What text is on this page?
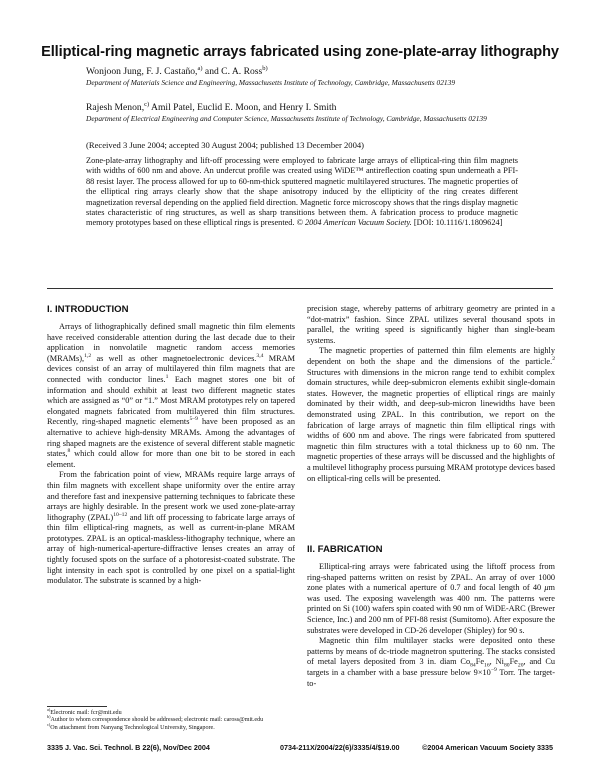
Elliptical-ring magnetic arrays fabricated using zone-plate-array lithography
Wonjoon Jung, F. J. Castaño,$^{a)}$ and C. A. Ross$^{b)}$
Department of Materials Science and Engineering, Massachusetts Institute of Technology, Cambridge, Massachusetts 02139
Rajesh Menon,$^{c)}$ Amil Patel, Euclid E. Moon, and Henry I. Smith
Department of Electrical Engineering and Computer Science, Massachusetts Institute of Technology, Cambridge, Massachusetts 02139
(Received 3 June 2004; accepted 30 August 2004; published 13 December 2004)
Zone-plate-array lithography and lift-off processing were employed to fabricate large arrays of elliptical-ring thin film magnets with widths of 600 nm and above. An undercut profile was created using WiDE™ antireflection coating spun underneath a PFI-88 resist layer. The process allowed for up to 60-nm-thick sputtered magnetic multilayered structures. The magnetic properties of the elliptical ring arrays clearly show that the shape anisotropy induced by the ellipticity of the ring creates different magnetization reversal depending on the applied field direction. Magnetic force microscopy shows that the rings display magnetic states characteristic of ring structures, as well as sharp transitions between them. A fabrication process to produce magnetic memory prototypes based on these elliptical rings is presented. © 2004 American Vacuum Society. [DOI: 10.1116/1.1809624]
I. INTRODUCTION

Arrays of lithographically defined small magnetic thin film elements have received considerable attention during the last decade due to their application in nonvolatile magnetic random access memories (MRAMs),$^{1,2}$ as well as other magnetoelectronic devices.$^{3,4}$ MRAM devices consist of an array of multilayered thin film magnets that are connected with conductor lines.$^1$ Each magnet stores one bit of information and should exhibit at least two different magnetic states which are assigned as “0” or “1.” Most MRAM prototypes rely on tapered elongated magnets fabricated from multilayered thin film structures. Recently, ring-shaped magnetic elements$^{5-9}$ have been proposed as an alternative to achieve high-density MRAMs. Among the advantages of ring shaped magnets are the existence of several different stable magnetic states,$^8$ which could allow for more than one bit to be stored in each element.

From the fabrication point of view, MRAMs require large arrays of thin film magnets with excellent shape uniformity over the entire array and therefore fast and inexpensive patterning techniques to fabricate these arrays are highly desirable. In the present work we used zone-plate-array lithography (ZPAL)$^{10-12}$ and lift off processing to fabricate large arrays of thin film elliptical-ring magnets, as well as current-in-plane MRAM prototypes. ZPAL is an optical-maskless-lithography technique, where an array of high-numerical-aperture-diffractive lenses creates an array of tightly focused spots on the surface of a photoresist-coated substrate. The light intensity in each spot is controlled by one pixel on a spatial-light modulator. The substrate is scanned by a high-

precision stage, whereby patterns of arbitrary geometry are printed in a “dot-matrix” fashion. Since ZPAL utilizes several thousand spots in parallel, the writing speed is significantly higher than single-beam systems.

The magnetic properties of patterned thin film elements are highly dependent on both the shape and the dimensions of the particle.$^2$ Structures with dimensions in the micron range tend to exhibit complex domain structures, while deep-submicron elements exhibit single-domain states. However, the magnetic properties of elliptical rings are mainly dominated by their width, and deep-sub-micron linewidths have been demonstrated using ZPAL. In this contribution, we report on the fabrication of large arrays of magnetic thin film elliptical rings with widths of 600 nm and above. The rings were fabricated from sputtered magnetic thin film structures with a total thickness up to 60 nm. The magnetic properties of these arrays will be discussed and the highlights of a multilevel lithography process pursuing MRAM prototype devices based on elliptical-ring cells will be presented.

II. FABRICATION

Elliptical-ring arrays were fabricated using the liftoff process from ring-shaped patterns written on resist by ZPAL. An array of over 1000 zone plates with a numerical aperture of 0.7 and focal length of 40 μm was used. The exposing wavelength was 400 nm. The patterns were printed on Si (100) wafers spin coated with 90 nm of WiDE-ARC (Brewer Science, Inc.) and 200 nm of PFI-88 resist (Sumitomo). After exposure the substrates were developed in CD-26 developer (Shipley) for 90 s.

Magnetic thin film multilayer stacks were deposited onto these patterns by means of dc-triode magnetron sputtering. The stacks consisted of metal layers deposited from 3 in. diam $Co_{84}Fe_{16}$, $Ni_{80}Fe_{20}$, and Cu targets in a chamber with a base pressure below $9\times 10^{-9}$ Torr. The target-to-

$^{a)}$Electronic mail: fcr@mit.edu
$^{b)}$Author to whom correspondence should be addressed; electronic mail: caross@mit.edu
$^{c)}$On attachment from Nanyang Technological University, Singapore.
3335 J. Vac. Sci. Technol. B 22(6), Nov/Dec 2004	0734-211X/2004/22(6)/3335/4/$19.00	©2004 American Vacuum Society 3335
